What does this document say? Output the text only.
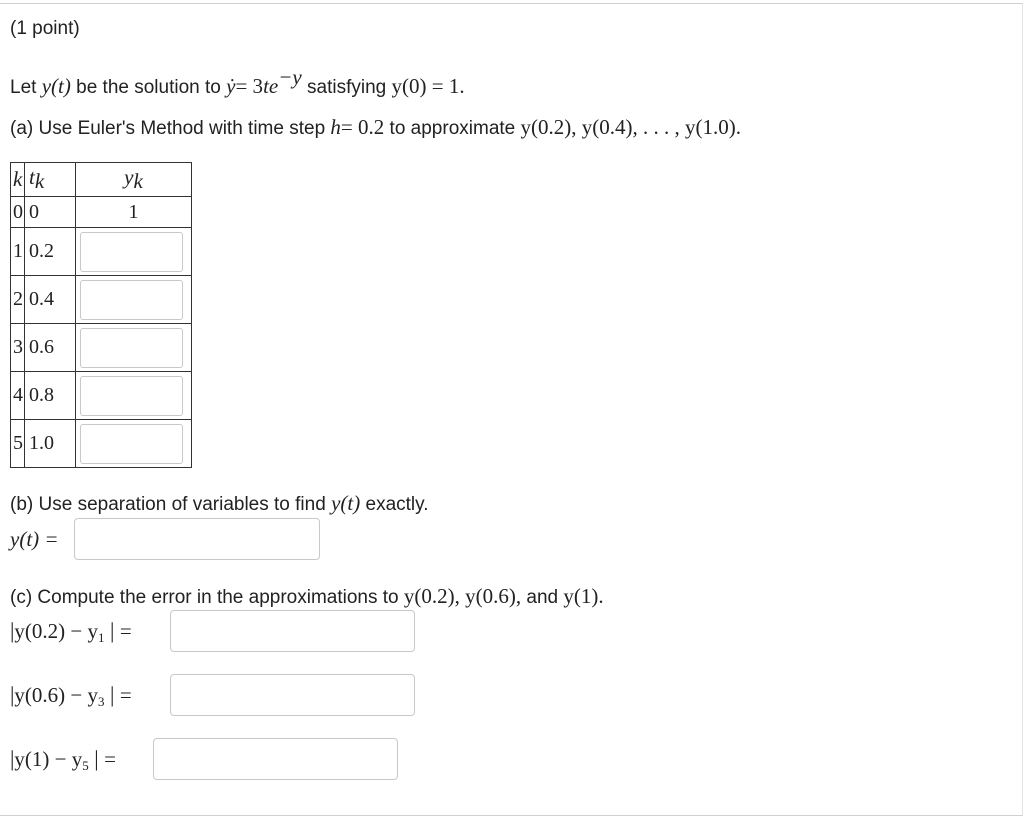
(1 point)
Let y(t) be the solution to ẏ= $3te^{-y}$ satisfying y(0) = 1.
(a) Use Euler's Method with time step h= 0.2 to approximate y(0.2), y(0.4), . . . , y(1.0).
k	$t_k$	$y_k$
0	0	1
1	0.2	

2	0.4	

3	0.6	

4	0.8	

5	1.0	
(b) Use separation of variables to find y(t) exactly.
y(t) =
(c) Compute the error in the approximations to y(0.2), y(0.6), and y(1).
$|y(0.2) - y_1$ | =
$|y(0.6) - y_3$ | =
$|y(1) - y_5$ | =
